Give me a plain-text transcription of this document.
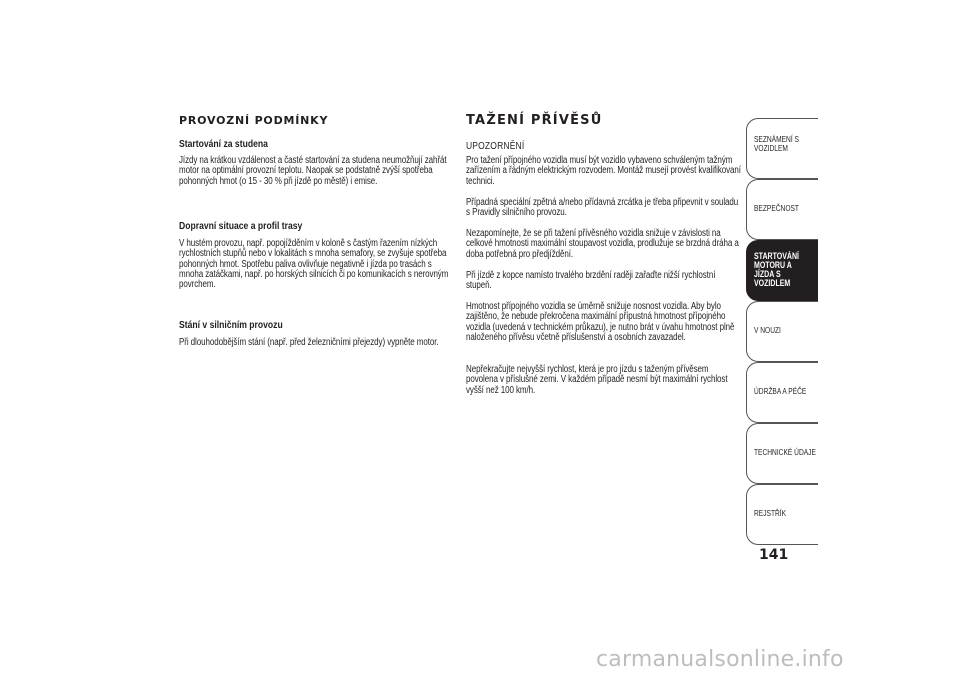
PROVOZNÍ PODMÍNKY
Startování za studena

Jízdy na krátkou vzdálenost a časté startování za studena neumožňují zahřát motor na optimální provozní teplotu. Naopak se podstatně zvýší spotřeba pohonných hmot (o 15 - 30 % při jízdě po městě) i emise.

Dopravní situace a profil trasy

V hustém provozu, např. popojížděním v koloně s častým řazením nízkých rychlostních stupňů nebo v lokalitách s mnoha semafory, se zvyšuje spotřeba pohonných hmot. Spotřebu paliva ovlivňuje negativně i jízda po trasách s mnoha zatáčkami, např. po horských silnicích či po komunikacích s nerovným povrchem.

Stání v silničním provozu

Při dlouhodobějším stání (např. před železničními přejezdy) vypněte motor.

TAŽENÍ PŘÍVĚSŮ

UPOZORNĚNÍ

Pro tažení přípojného vozidla musí být vozidlo vybaveno schváleným tažným zařízením a řádným elektrickým rozvodem. Montáž musejí provést kvalifikovaní technici.

Případná speciální zpětná a/nebo přídavná zrcátka je třeba připevnit v souladu s Pravidly silničního provozu.

Nezapomínejte, že se při tažení přívěsného vozidla snižuje v závislosti na celkové hmotnosti maximální stoupavost vozidla, prodlužuje se brzdná dráha a doba potřebná pro předjíždění.

Při jízdě z kopce namísto trvalého brzdění raději zařaďte nižší rychlostní stupeň.

Hmotnost přípojného vozidla se úměrně snižuje nosnost vozidla. Aby bylo zajištěno, že nebude překročena maximální přípustná hmotnost přípojného vozidla (uvedená v technickém průkazu), je nutno brát v úvahu hmotnost plně naloženého přívěsu včetně příslušenství a osobních zavazadel.

Nepřekračujte nejvyšší rychlost, která je pro jízdu s taženým přívěsem povolena v příslušné zemi. V každém případě nesmí být maximální rychlost vyšší než 100 km/h.

SEZNÁMENÍ S VOZIDLEM
BEZPEČNOST
STARTOVÁNÍ MOTORU A JÍZDA S VOZIDLEM
V NOUZI
ÚDRŽBA A PÉČE
TECHNICKÉ ÚDAJE
REJSTŘÍK
141
carmanualsonline.info
